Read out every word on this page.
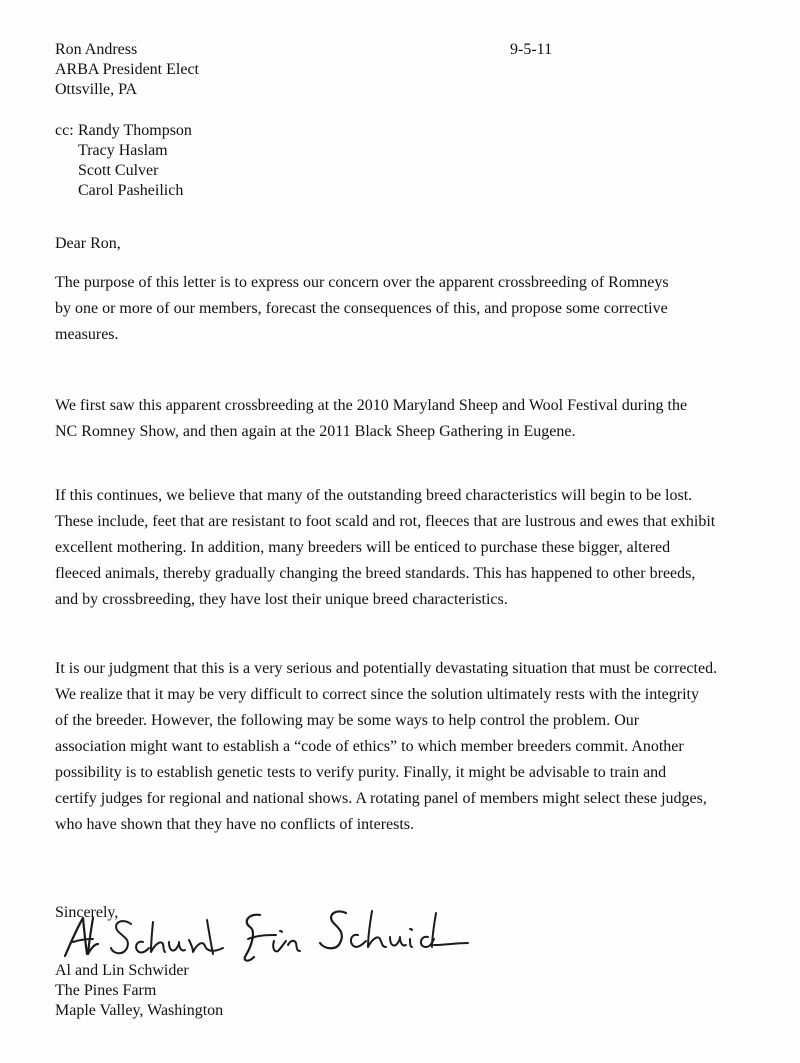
Ron Andress
ARBA President Elect
Ottsville, PA
9-5-11
cc: Randy Thompson
Tracy Haslam
Scott Culver
Carol Pasheilich
Dear Ron,
The purpose of this letter is to express our concern over the apparent crossbreeding of Romneys
by one or more of our members, forecast the consequences of this, and propose some corrective
measures.
We first saw this apparent crossbreeding at the 2010 Maryland Sheep and Wool Festival during the
NC Romney Show, and then again at the 2011 Black Sheep Gathering in Eugene.
If this continues, we believe that many of the outstanding breed characteristics will begin to be lost.
These include, feet that are resistant to foot scald and rot, fleeces that are lustrous and ewes that exhibit
excellent mothering. In addition, many breeders will be enticed to purchase these bigger, altered
fleeced animals, thereby gradually changing the breed standards. This has happened to other breeds,
and by crossbreeding, they have lost their unique breed characteristics.
It is our judgment that this is a very serious and potentially devastating situation that must be corrected.
We realize that it may be very difficult to correct since the solution ultimately rests with the integrity
of the breeder. However, the following may be some ways to help control the problem. Our
association might want to establish a “code of ethics” to which member breeders commit. Another
possibility is to establish genetic tests to verify purity. Finally, it might be advisable to train and
certify judges for regional and national shows. A rotating panel of members might select these judges,
who have shown that they have no conflicts of interests.
Sincerely,
Al and Lin Schwider
The Pines Farm
Maple Valley, Washington
